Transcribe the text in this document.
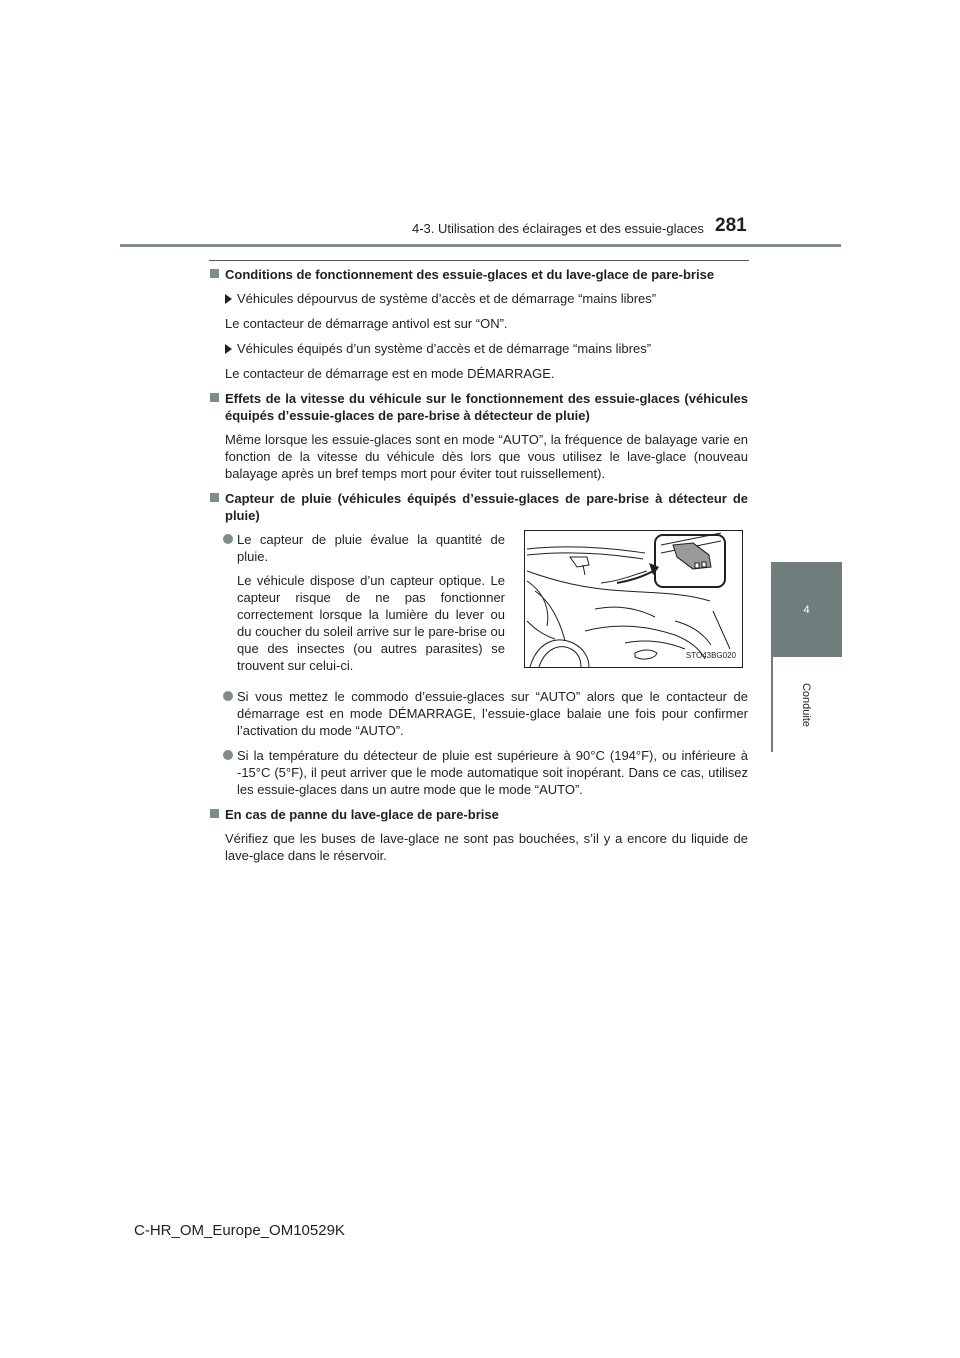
4-3. Utilisation des éclairages et des essuie-glaces 281
4
Conduite
Conditions de fonctionnement des essuie-glaces et du lave-glace de pare-brise
Véhicules dépourvus de système d’accès et de démarrage “mains libres”
Le contacteur de démarrage antivol est sur “ON”.
Véhicules équipés d’un système d’accès et de démarrage “mains libres”
Le contacteur de démarrage est en mode DÉMARRAGE.
Effets de la vitesse du véhicule sur le fonctionnement des essuie-glaces (véhicules équipés d’essuie-glaces de pare-brise à détecteur de pluie)
Même lorsque les essuie-glaces sont en mode “AUTO”, la fréquence de balayage varie en fonction de la vitesse du véhicule dès lors que vous utilisez le lave-glace (nouveau balayage après un bref temps mort pour éviter tout ruissellement).
Capteur de pluie (véhicules équipés d’essuie-glaces de pare-brise à détecteur de pluie)
Le capteur de pluie évalue la quantité de pluie.
Le véhicule dispose d’un capteur optique. Le capteur risque de ne pas fonctionner correctement lorsque la lumière du lever ou du coucher du soleil arrive sur le pare-brise ou que des insectes (ou autres parasites) se trouvent sur celui-ci.
STO43BG020
Si vous mettez le commodo d’essuie-glaces sur “AUTO” alors que le contacteur de démarrage est en mode DÉMARRAGE, l’essuie-glace balaie une fois pour confirmer l’activation du mode “AUTO”.
Si la température du détecteur de pluie est supérieure à 90°C (194°F), ou inférieure à -15°C (5°F), il peut arriver que le mode automatique soit inopérant. Dans ce cas, utilisez les essuie-glaces dans un autre mode que le mode “AUTO”.
En cas de panne du lave-glace de pare-brise
Vérifiez que les buses de lave-glace ne sont pas bouchées, s’il y a encore du liquide de lave-glace dans le réservoir.
C-HR_OM_Europe_OM10529K
